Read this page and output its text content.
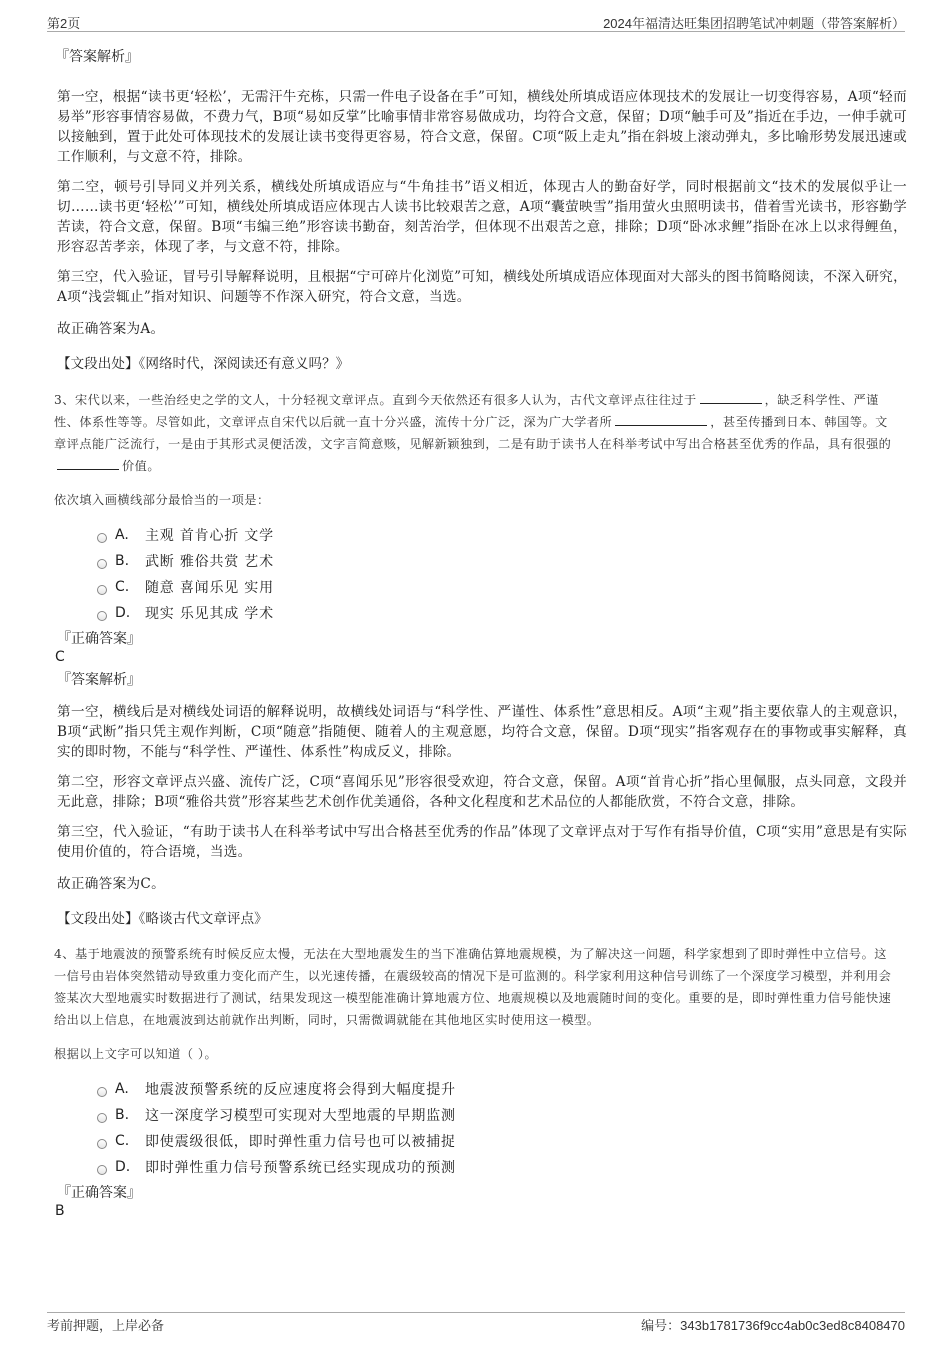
第2页	2024年福清达旺集团招聘笔试冲刺题（带答案解析）
『答案解析』

第一空，根据“读书更‘轻松’，无需汗牛充栋，只需一件电子设备在手”可知，横线处所填成语应体现技术的发展让一切变得容易，A项“轻而易举”形容事情容易做，不费力气，B项“易如反掌”比喻事情非常容易做成功，均符合文意，保留；D项“触手可及”指近在手边，一伸手就可以接触到，置于此处可体现技术的发展让读书变得更容易，符合文意，保留。C项“阪上走丸”指在斜坡上滚动弹丸，多比喻形势发展迅速或工作顺利，与文意不符，排除。

第二空，顿号引导同义并列关系，横线处所填成语应与“牛角挂书”语义相近，体现古人的勤奋好学，同时根据前文“技术的发展似乎让一切……读书更‘轻松’”可知，横线处所填成语应体现古人读书比较艰苦之意，A项“囊萤映雪”指用萤火虫照明读书，借着雪光读书，形容勤学苦读，符合文意，保留。B项“韦编三绝”形容读书勤奋，刻苦治学，但体现不出艰苦之意，排除；D项“卧冰求鲤”指卧在冰上以求得鲤鱼，形容忍苦孝亲，体现了孝，与文意不符，排除。

第三空，代入验证，冒号引导解释说明，且根据“宁可碎片化浏览”可知，横线处所填成语应体现面对大部头的图书简略阅读，不深入研究，A项“浅尝辄止”指对知识、问题等不作深入研究，符合文意，当选。

故正确答案为A。

【文段出处】《网络时代，深阅读还有意义吗？》
3、宋代以来，一些治经史之学的文人，十分轻视文章评点。直到今天依然还有很多人认为，古代文章评点往往过于	，缺乏科学性、严谨性、体系性等等。尽管如此，文章评点自宋代以后就一直十分兴盛，流传十分广泛，深为广大学者所	，甚至传播到日本、韩国等。文章评点能广泛流行，一是由于其形式灵便活泼，文字言简意赅，见解新颖独到，二是有助于读书人在科举考试中写出合格甚至优秀的作品，具有很强的价值。
依次填入画横线部分最恰当的一项是：
A.	主观 首肯心折 文学
B.	武断 雅俗共赏 艺术
C.	随意 喜闻乐见 实用
D.	现实 乐见其成 学术
『正确答案』
C
『答案解析』

第一空，横线后是对横线处词语的解释说明，故横线处词语与“科学性、严谨性、体系性”意思相反。A项“主观”指主要依靠人的主观意识，B项“武断”指只凭主观作判断，C项“随意”指随便、随着人的主观意愿，均符合文意，保留。D项“现实”指客观存在的事物或事实解释，真实的即时物，不能与“科学性、严谨性、体系性”构成反义，排除。

第二空，形容文章评点兴盛、流传广泛，C项“喜闻乐见”形容很受欢迎，符合文意，保留。A项“首肯心折”指心里佩服，点头同意，文段并无此意，排除；B项“雅俗共赏”形容某些艺术创作优美通俗，各种文化程度和艺术品位的人都能欣赏，不符合文意，排除。

第三空，代入验证，“有助于读书人在科举考试中写出合格甚至优秀的作品”体现了文章评点对于写作有指导价值，C项“实用”意思是有实际使用价值的，符合语境，当选。

故正确答案为C。

【文段出处】《略谈古代文章评点》
4、基于地震波的预警系统有时候反应太慢，无法在大型地震发生的当下准确估算地震规模，为了解决这一问题，科学家想到了即时弹性中立信号。这一信号由岩体突然错动导致重力变化而产生，以光速传播，在震级较高的情况下是可监测的。科学家利用这种信号训练了一个深度学习模型，并利用会签某次大型地震实时数据进行了测试，结果发现这一模型能准确计算地震方位、地震规模以及地震随时间的变化。重要的是，即时弹性重力信号能快速给出以上信息，在地震波到达前就作出判断，同时，只需微调就能在其他地区实时使用这一模型。
根据以上文字可以知道（ ）。
A.	地震波预警系统的反应速度将会得到大幅度提升
B.	这一深度学习模型可实现对大型地震的早期监测
C.	即使震级很低，即时弹性重力信号也可以被捕捉
D.	即时弹性重力信号预警系统已经实现成功的预测
『正确答案』
B
考前押题，上岸必备	编号：343b1781736f9cc4ab0c3ed8c8408470
